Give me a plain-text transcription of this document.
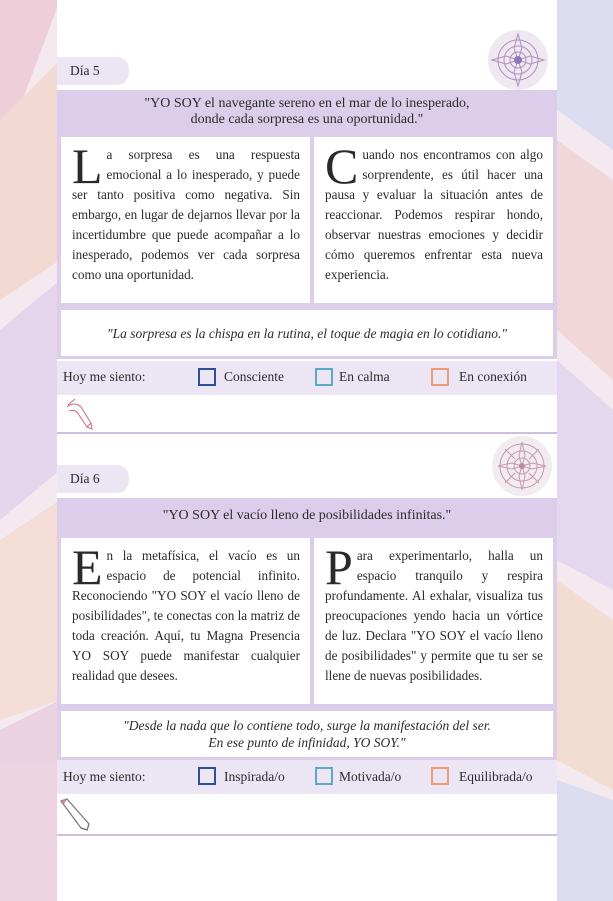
Día 5
"YO SOY el navegante sereno en el mar de lo inesperado,
donde cada sorpresa es una oportunidad."
La sorpresa es una respuesta emocional a lo inesperado, y puede ser tanto positiva como negativa. Sin embargo, en lugar de dejarnos llevar por la incertidumbre que puede acompañar a lo inesperado, podemos ver cada sorpresa como una oportunidad.
Cuando nos encontramos con algo sorprendente, es útil hacer una pausa y evaluar la situación antes de reaccionar. Podemos respirar hondo, observar nuestras emociones y decidir cómo queremos enfrentar esta nueva experiencia.
"La sorpresa es la chispa en la rutina, el toque de magia en lo cotidiano."
Hoy me siento:	Consciente	En calma	En conexión
Día 6
"YO SOY el vacío lleno de posibilidades infinitas."
En la metafísica, el vacío es un espacio de potencial infinito. Reconociendo "YO SOY el vacío lleno de posibilidades", te conectas con la matriz de toda creación. Aquí, tu Magna Presencia YO SOY puede manifestar cualquier realidad que desees.
Para experimentarlo, halla un espacio tranquilo y respira profundamente. Al exhalar, visualiza tus preocupaciones yendo hacia un vórtice de luz. Declara "YO SOY el vacío lleno de posibilidades" y permite que tu ser se llene de nuevas posibilidades.
"Desde la nada que lo contiene todo, surge la manifestación del ser.
En ese punto de infinidad, YO SOY."
Hoy me siento:	Inspirada/o	Motivada/o	Equilibrada/o
